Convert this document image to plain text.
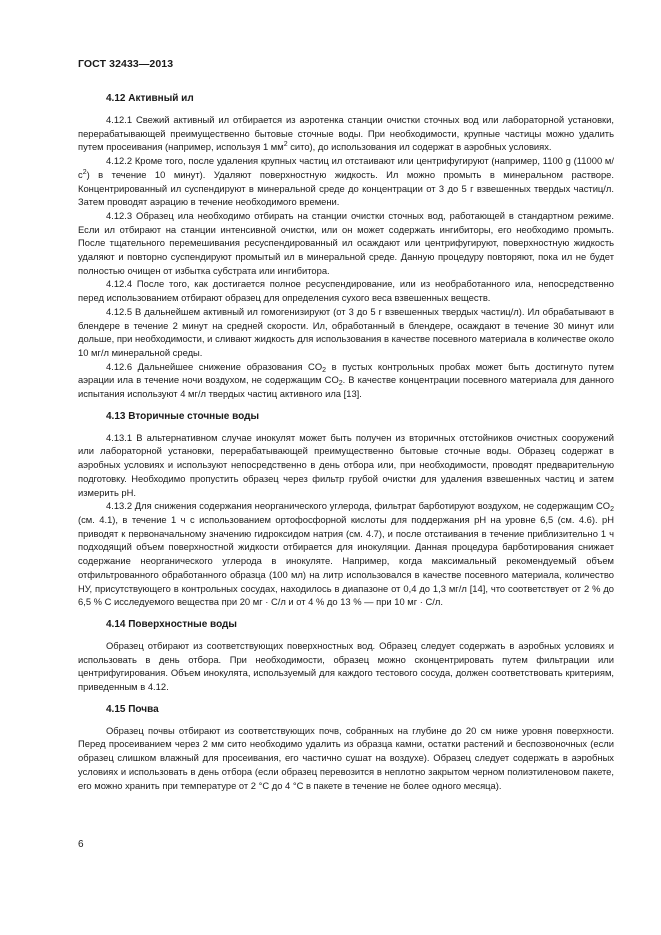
ГОСТ 32433—2013
4.12 Активный ил

4.12.1 Свежий активный ил отбирается из аэротенка станции очистки сточных вод или лабораторной установки, перерабатывающей преимущественно бытовые сточные воды. При необходимости, крупные частицы можно удалить путем просеивания (например, используя 1 $мм^2$ сито), до использования ил содержат в аэробных условиях.

4.12.2 Кроме того, после удаления крупных частиц ил отстаивают или центрифугируют (например, 1100 g (11000 $м/с^2$) в течение 10 минут). Удаляют поверхностную жидкость. Ил можно промыть в минеральном растворе. Концентрированный ил суспендируют в минеральной среде до концентрации от 3 до 5 г взвешенных твердых частиц/л. Затем проводят аэрацию в течение необходимого времени.

4.12.3 Образец ила необходимо отбирать на станции очистки сточных вод, работающей в стандартном режиме. Если ил отбирают на станции интенсивной очистки, или он может содержать ингибиторы, его необходимо промыть. После тщательного перемешивания ресуспендированный ил осаждают или центрифугируют, поверхностную жидкость удаляют и повторно суспендируют промытый ил в минеральной среде. Данную процедуру повторяют, пока ил не будет полностью очищен от избытка субстрата или ингибитора.

4.12.4 После того, как достигается полное ресуспендирование, или из необработанного ила, непосредственно перед использованием отбирают образец для определения сухого веса взвешенных веществ.

4.12.5 В дальнейшем активный ил гомогенизируют (от 3 до 5 г взвешенных твердых частиц/л). Ил обрабатывают в блендере в течение 2 минут на средней скорости. Ил, обработанный в блендере, осаждают в течение 30 минут или дольше, при необходимости, и сливают жидкость для использования в качестве посевного материала в количестве около 10 мг/л минеральной среды.

4.12.6 Дальнейшее снижение образования $CO_2$ в пустых контрольных пробах может быть достигнуто путем аэрации ила в течение ночи воздухом, не содержащим $CO_2$. В качестве концентрации посевного материала для данного испытания используют 4 мг/л твердых частиц активного ила [13].

4.13 Вторичные сточные воды

4.13.1 В альтернативном случае инокулят может быть получен из вторичных отстойников очистных сооружений или лабораторной установки, перерабатывающей преимущественно бытовые сточные воды. Образец содержат в аэробных условиях и используют непосредственно в день отбора или, при необходимости, проводят предварительную подготовку. Необходимо пропустить образец через фильтр грубой очистки для удаления взвешенных частиц и затем измерить pH.

4.13.2 Для снижения содержания неорганического углерода, фильтрат барботируют воздухом, не содержащим $CO_2$ (см. 4.1), в течение 1 ч с использованием ортофосфорной кислоты для поддержания pH на уровне 6,5 (см. 4.6). pH приводят к первоначальному значению гидроксидом натрия (см. 4.7), и после отстаивания в течение приблизительно 1 ч подходящий объем поверхностной жидкости отбирается для инокуляции. Данная процедура барботирования снижает содержание неорганического углерода в инокуляте. Например, когда максимальный рекомендуемый объем отфильтрованного обработанного образца (100 мл) на литр использовался в качестве посевного материала, количество НУ, присутствующего в контрольных сосудах, находилось в диапазоне от 0,4 до 1,3 мг/л [14], что соответствует от 2 % до 6,5 % С исследуемого вещества при 20 мг · С/л и от 4 % до 13 % — при 10 мг · С/л.

4.14 Поверхностные воды

Образец отбирают из соответствующих поверхностных вод. Образец следует содержать в аэробных условиях и использовать в день отбора. При необходимости, образец можно сконцентрировать путем фильтрации или центрифугирования. Объем инокулята, используемый для каждого тестового сосуда, должен соответствовать критериям, приведенным в 4.12.

4.15 Почва

Образец почвы отбирают из соответствующих почв, собранных на глубине до 20 см ниже уровня поверхности. Перед просеиванием через 2 мм сито необходимо удалить из образца камни, остатки растений и беспозвоночных (если образец слишком влажный для просеивания, его частично сушат на воздухе). Образец следует содержать в аэробных условиях и использовать в день отбора (если образец перевозится в неплотно закрытом черном полиэтиленовом пакете, его можно хранить при температуре от 2 °C до 4 °C в пакете в течение не более одного месяца).

6
